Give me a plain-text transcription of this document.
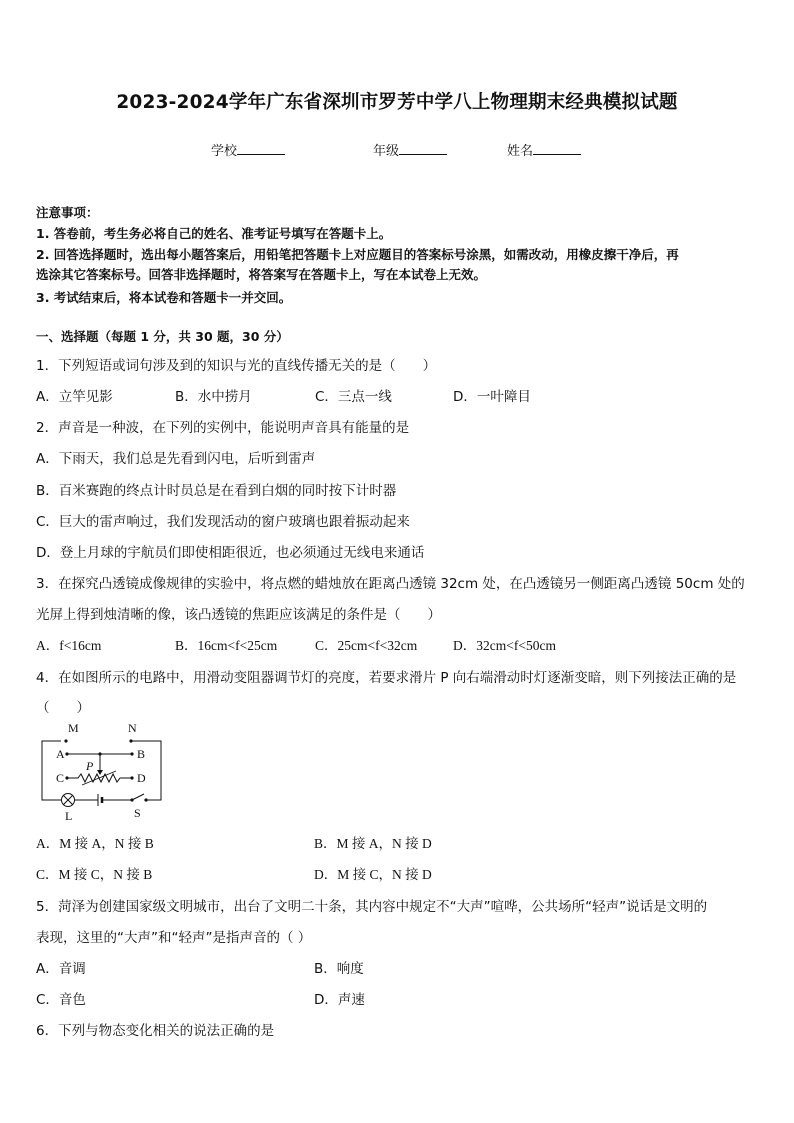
2023-2024学年广东省深圳市罗芳中学八上物理期末经典模拟试题
学校	年级	姓名
注意事项：
1. 答卷前，考生务必将自己的姓名、准考证号填写在答题卡上。
2. 回答选择题时，选出每小题答案后，用铅笔把答题卡上对应题目的答案标号涂黑，如需改动，用橡皮擦干净后，再
选涂其它答案标号。回答非选择题时，将答案写在答题卡上，写在本试卷上无效。
3. 考试结束后，将本试卷和答题卡一并交回。
一、选择题（每题 1 分，共 30 题，30 分）
1．下列短语或词句涉及到的知识与光的直线传播无关的是（　　）
A．立竿见影	B．水中捞月	C．三点一线	D．一叶障目
2．声音是一种波，在下列的实例中，能说明声音具有能量的是
A．下雨天，我们总是先看到闪电，后听到雷声
B．百米赛跑的终点计时员总是在看到白烟的同时按下计时器
C．巨大的雷声响过，我们发现活动的窗户玻璃也跟着振动起来
D．登上月球的宇航员们即使相距很近，也必须通过无线电来通话
3．在探究凸透镜成像规律的实验中，将点燃的蜡烛放在距离凸透镜 32cm 处，在凸透镜另一侧距离凸透镜 50cm 处的
光屏上得到烛清晰的像，该凸透镜的焦距应该满足的条件是（　　）
A．f<16cm	B．16cm<f<25cm	C．25cm<f<32cm	D．32cm<f<50cm
4．在如图所示的电路中，用滑动变阻器调节灯的亮度，若要求滑片 P 向右端滑动时灯逐渐变暗，则下列接法正确的是
（　　）
M	N
A	B
P
C	D
L	S
A．M 接 A，N 接 B	B．M 接 A，N 接 D
C．M 接 C，N 接 B	D．M 接 C，N 接 D
5．菏泽为创建国家级文明城市，出台了文明二十条，其内容中规定不“大声”喧哗，公共场所“轻声”说话是文明的
表现，这里的“大声”和“轻声”是指声音的（ ）
A．音调	B．响度
C．音色	D．声速
6．下列与物态变化相关的说法正确的是
